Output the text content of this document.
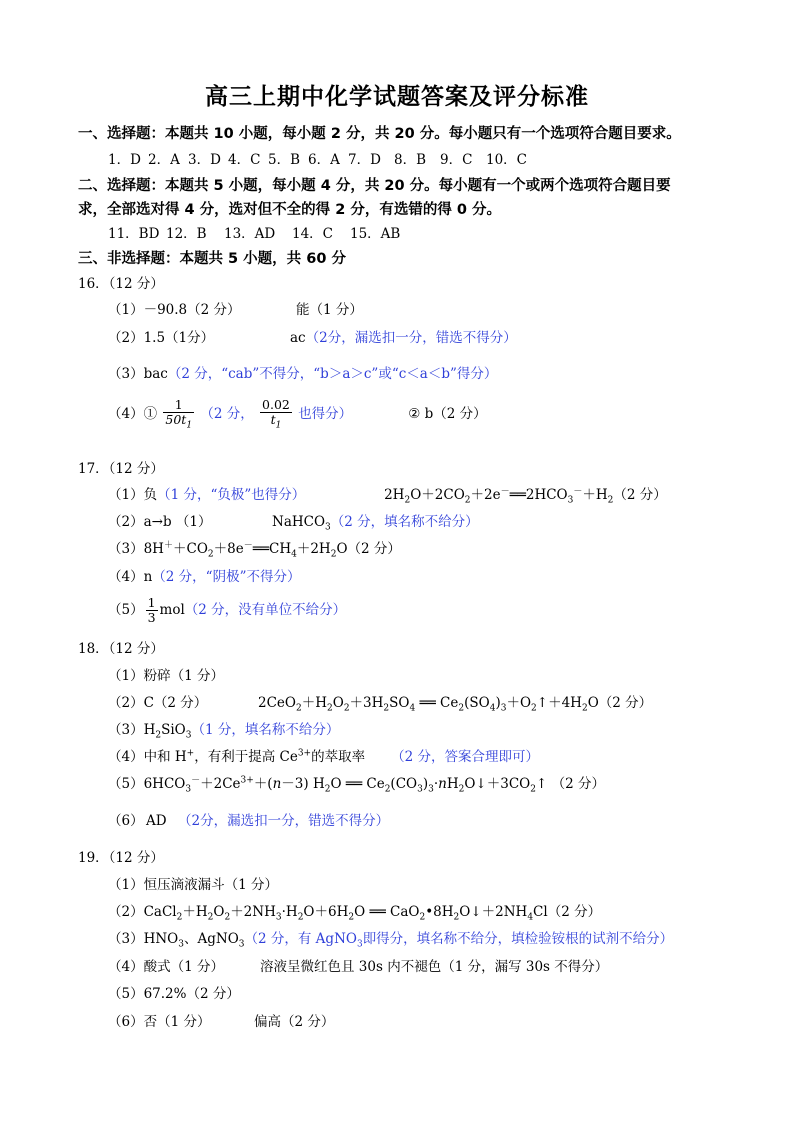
高三上期中化学试题答案及评分标准
一、选择题：本题共 10 小题，每小题 2 分，共 20 分。每小题只有一个选项符合题目要求。
1．D 2．A 3．D 4．C 5．B 6．A 7．D 8．B 9．C 10．C
二、选择题：本题共 5 小题，每小题 4 分，共 20 分。每小题有一个或两个选项符合题目要
求，全部选对得 4 分，选对但不全的得 2 分，有选错的得 0 分。
11．BD 12．B 13．AD 14．C 15．AB
三、非选择题：本题共 5 小题，共 60 分
16．（12 分）
（1）－90.8（2 分）	能（1 分）
（2）1.5（1分）	ac（2分，漏选扣一分，错选不得分）
（3）bac（2 分，“cab”不得分，“b＞a＞c”或“c＜a＜b”得分）
（4）① $\frac{1}{50t_1} (2$ 分， $\frac{0.02}{t_1}$ 也得分）	② b（2 分）
17．（12 分）
（1）负（1 分，“负极”也得分）	$2H_2O+2CO_2+2e^-══2HCO_3^-+H_2(2$ 分）
（2）a→b （1）	NaHCO$_3$（2 分，填名称不给分）
$(3)8H^++CO_2+8e^-══CH_4+2H_2O(2$ 分）
（4）n（2 分，“阴极”不得分）
$(5) \frac{1}{3} mol(2$ 分，没有单位不给分）
18．（12 分）
（1）粉碎（1 分）
（2）C（2 分）	$2CeO_2+H_2O_2+3H_2SO_4$ ══ $Ce_2(SO_4)_3+O_2↑+4H_2O(2$ 分）
$(3)H_2SiO_3(1$ 分，填名称不给分）
（4）中和 H+，有利于提高 $Ce^{3+}$的萃取率 （2 分，答案合理即可）
$(5)6HCO_3^-+2Ce^{3+}+(n-3)$ $H_2O$ ══ $Ce_2(CO_3)_3\cdot nH_2O↓+3CO_2↑$ （2 分）
（6） AD （2分，漏选扣一分，错选不得分）
19．（12 分）
（1）恒压滴液漏斗（1 分）
$(2)CaCl_2+H_2O_2+2NH_3\cdot H_2O+6H_2O$ ══ $CaO_2•8H_2O↓+2NH_4Cl(2$ 分）
$(3)HNO_3$、AgNO$_3$（2 分，有 AgNO$_3$即得分，填名称不给分，填检验铵根的试剂不给分）
（4）酸式（1 分）	溶液呈微红色且 30s 内不褪色（1 分，漏写 30s 不得分）
（5）67.2%（2 分）
（6）否（1 分）	偏高（2 分）
